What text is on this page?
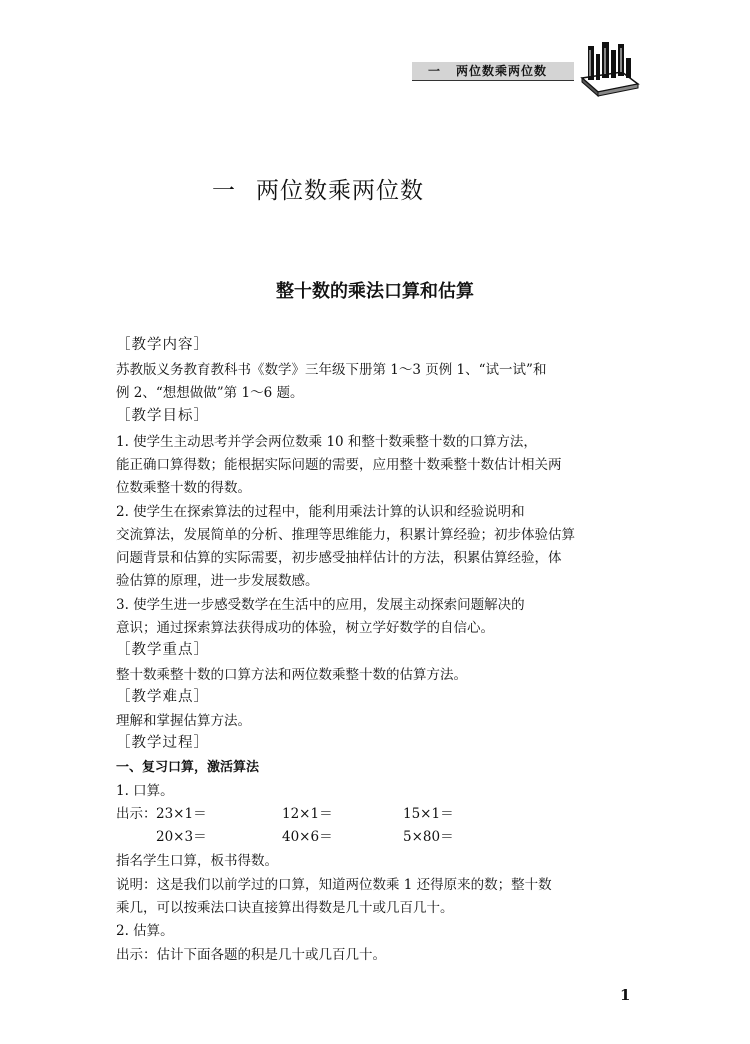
一 两位数乘两位数
一 两位数乘两位数
整十数的乘法口算和估算
［教学内容］
苏教版义务教育教科书《数学》三年级下册第 1～3 页例 1、“试一试”和
例 2、“想想做做”第 1～6 题。
［教学目标］
1. 使学生主动思考并学会两位数乘 10 和整十数乘整十数的口算方法，
能正确口算得数；能根据实际问题的需要，应用整十数乘整十数估计相关两
位数乘整十数的得数。
2. 使学生在探索算法的过程中，能利用乘法计算的认识和经验说明和
交流算法，发展简单的分析、推理等思维能力，积累计算经验；初步体验估算
问题背景和估算的实际需要，初步感受抽样估计的方法，积累估算经验，体
验估算的原理，进一步发展数感。
3. 使学生进一步感受数学在生活中的应用，发展主动探索问题解决的
意识；通过探索算法获得成功的体验，树立学好数学的自信心。
［教学重点］
整十数乘整十数的口算方法和两位数乘整十数的估算方法。
［教学难点］
理解和掌握估算方法。
［教学过程］
一、复习口算，激活算法
1. 口算。
出示： 23×1＝	12×1＝	15×1＝
20×3＝	40×6＝	5×80＝
指名学生口算，板书得数。
说明：这是我们以前学过的口算，知道两位数乘 1 还得原来的数；整十数
乘几，可以按乘法口诀直接算出得数是几十或几百几十。
2. 估算。
出示：估计下面各题的积是几十或几百几十。
1
